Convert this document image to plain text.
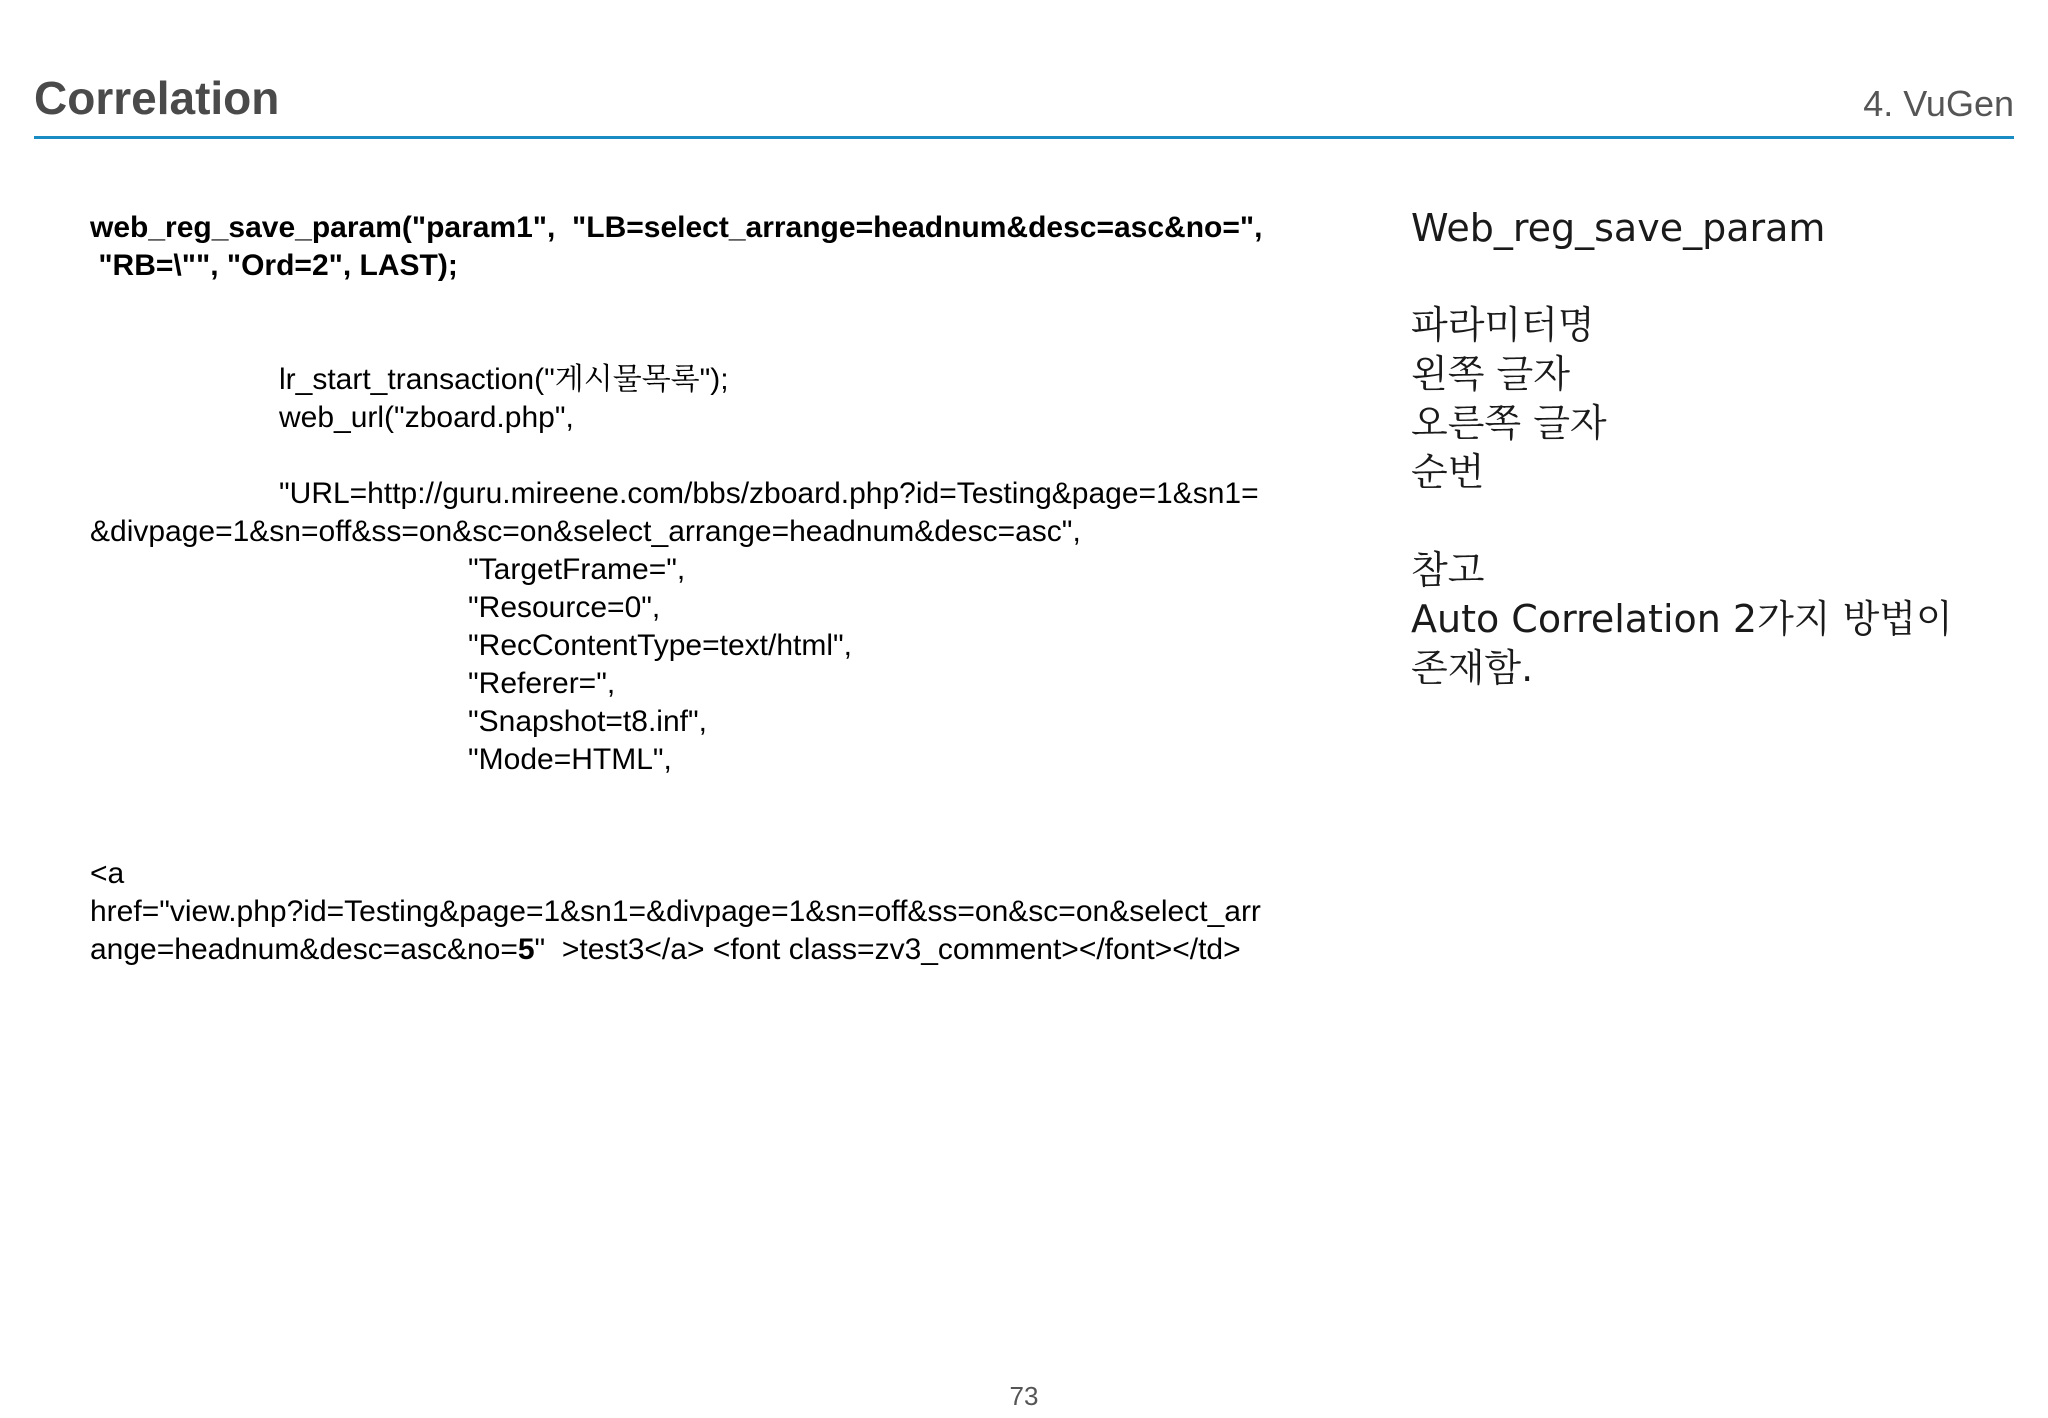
Correlation	4. VuGen
web_reg_save_param("param1",  "LB=select_arrange=headnum&desc=asc&no=",
"RB=\"", "Ord=2", LAST);
lr_start_transaction("게시물목록");
web_url("zboard.php",
"URL=http://guru.mireene.com/bbs/zboard.php?id=Testing&page=1&sn1=
&divpage=1&sn=off&ss=on&sc=on&select_arrange=headnum&desc=asc",
"TargetFrame=",
"Resource=0",
"RecContentType=text/html",
"Referer=",
"Snapshot=t8.inf",
"Mode=HTML",
<a
href="view.php?id=Testing&page=1&sn1=&divpage=1&sn=off&ss=on&sc=on&select_arr
ange=headnum&desc=asc&no=5"  >test3</a> <font class=zv3_comment></font></td>
Web_reg_save_param
파라미터명
왼쪽 글자
오른쪽 글자
순번
참고
Auto Correlation 2가지 방법이
존재함.
73
